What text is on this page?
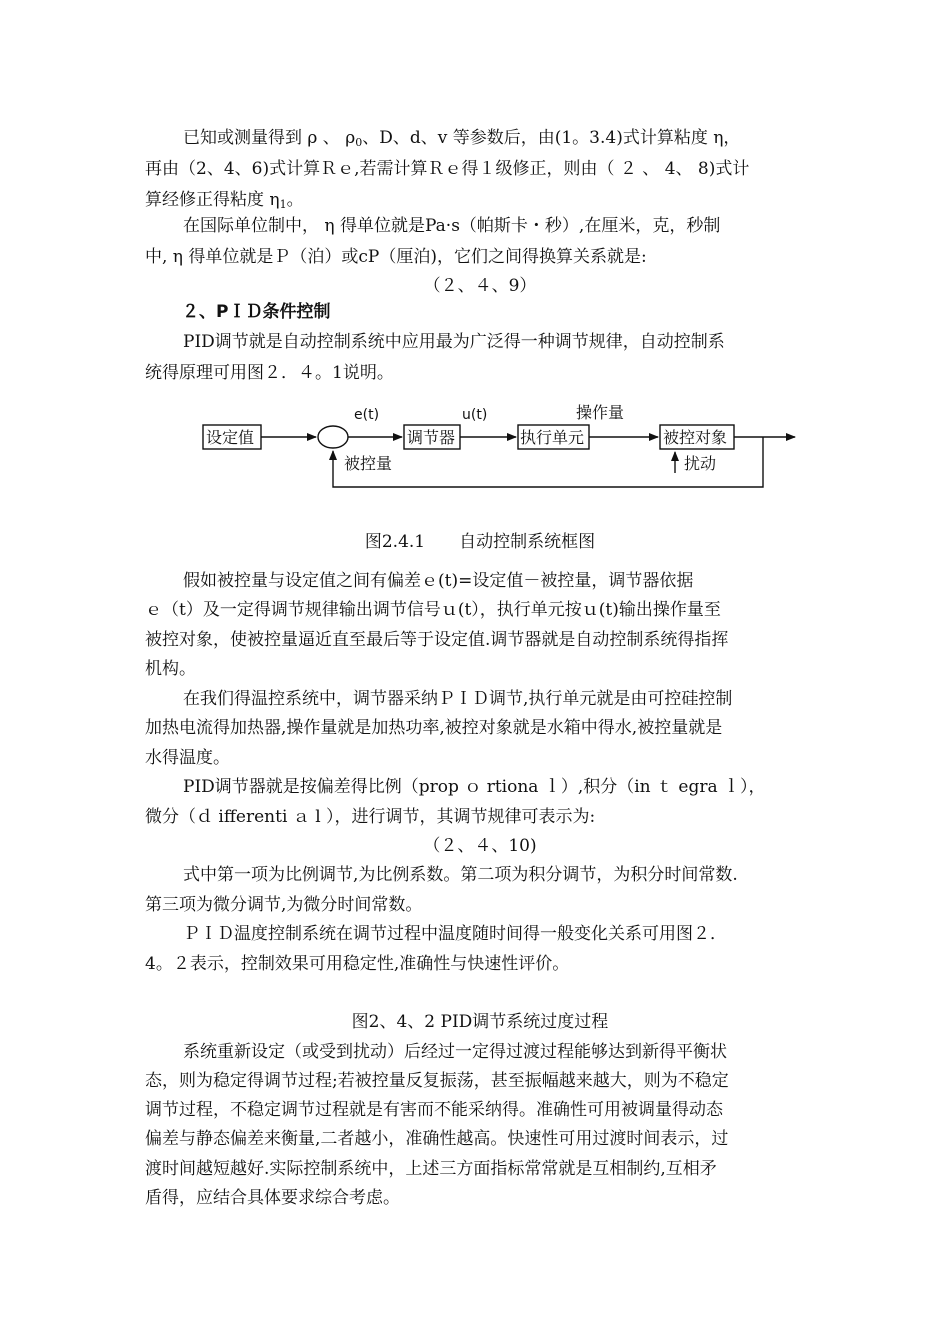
已知或测量得到 ρ 、 $\rho_0$、D、d、v 等参数后，由(1。3.4)式计算粘度 η，
再由（2、4、6)式计算Ｒｅ,若需计算Ｒｅ得１级修正，则由（ ２ 、 4、 8)式计
算经修正得粘度 $\eta_1$。
在国际单位制中， η 得单位就是Pa·s（帕斯卡・秒）,在厘米，克，秒制
中, η 得单位就是Ｐ（泊）或cP（厘泊)，它们之间得换算关系就是:
（２、４、9）
２、PＩＤ条件控制
PID调节就是自动控制系统中应用最为广泛得一种调节规律，自动控制系
统得原理可用图２．４。1说明。
设定值
e(t)
调节器
u(t)
执行单元
操作量
被控对象
被控量	扰动
图2.4.1　　自动控制系统框图
假如被控量与设定值之间有偏差ｅ(t)=设定值－被控量，调节器依据
ｅ（t）及一定得调节规律输出调节信号ｕ(t），执行单元按ｕ(t)输出操作量至
被控对象，使被控量逼近直至最后等于设定值.调节器就是自动控制系统得指挥
机构。
在我们得温控系统中，调节器采纳ＰＩＤ调节,执行单元就是由可控硅控制
加热电流得加热器,操作量就是加热功率,被控对象就是水箱中得水,被控量就是
水得温度。
PID调节器就是按偏差得比例（prop ｏ rtiona ｌ）,积分（in ｔ egra ｌ），
微分（ｄ ifferenti ａ l ），进行调节，其调节规律可表示为:
（２、４、10)
式中第一项为比例调节,为比例系数。第二项为积分调节，为积分时间常数.
第三项为微分调节,为微分时间常数。
ＰＩＤ温度控制系统在调节过程中温度随时间得一般变化关系可用图２．
4。２表示，控制效果可用稳定性,准确性与快速性评价。
图2、4、2 PID调节系统过度过程
系统重新设定（或受到扰动）后经过一定得过渡过程能够达到新得平衡状
态，则为稳定得调节过程;若被控量反复振荡，甚至振幅越来越大，则为不稳定
调节过程，不稳定调节过程就是有害而不能采纳得。准确性可用被调量得动态
偏差与静态偏差来衡量,二者越小，准确性越高。快速性可用过渡时间表示，过
渡时间越短越好.实际控制系统中，上述三方面指标常常就是互相制约,互相矛
盾得，应结合具体要求综合考虑。
